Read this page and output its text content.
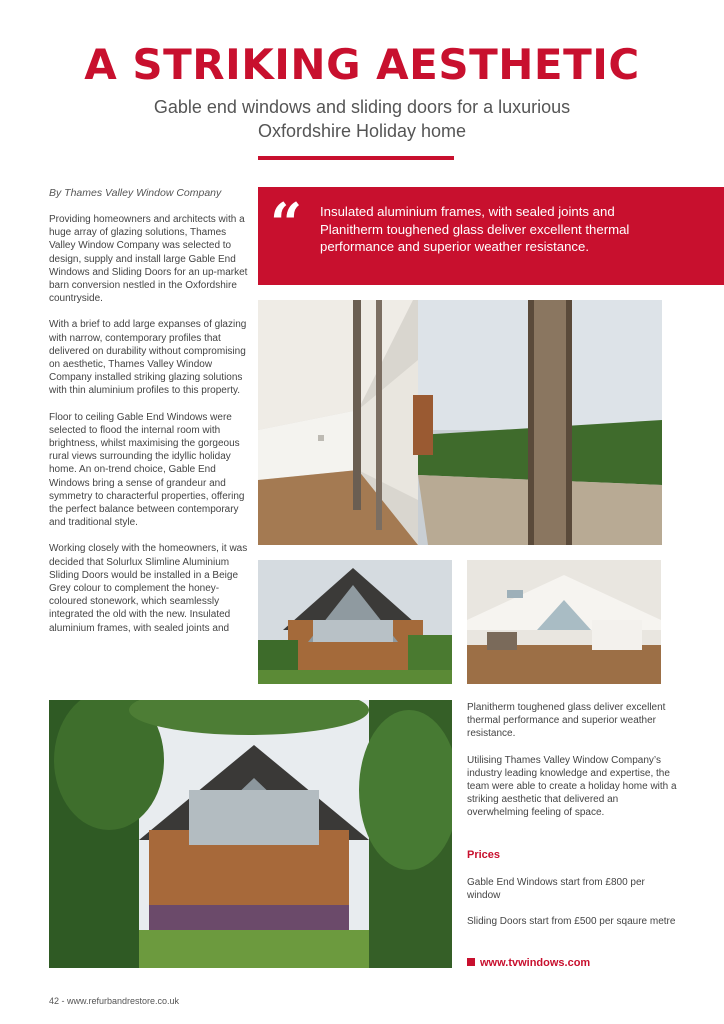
A STRIKING AESTHETIC
Gable end windows and sliding doors for a luxurious
Oxfordshire Holiday home
By Thames Valley Window Company

Providing homeowners and architects with a huge array of glazing solutions, Thames Valley Window Company was selected to design, supply and install large Gable End Windows and Sliding Doors for an up-market barn conversion nestled in the Oxfordshire countryside.

With a brief to add large expanses of glazing with narrow, contemporary profiles that delivered on durability without compromising on aesthetic, Thames Valley Window Company installed striking glazing solutions with thin aluminium profiles to this property.

Floor to ceiling Gable End Windows were selected to flood the internal room with brightness, whilst maximising the gorgeous rural views surrounding the idyllic holiday home. An on-trend choice, Gable End Windows bring a sense of grandeur and symmetry to characterful properties, offering the perfect balance between contemporary and traditional style.

Working closely with the homeowners, it was decided that Solurlux Slimline Aluminium Sliding Doors would be installed in a Beige Grey colour to complement the honey-coloured stonework, which seamlessly integrated the old with the new. Insulated aluminium frames, with sealed joints and

“ Insulated aluminium frames, with sealed joints and Planitherm toughened glass deliver excellent thermal performance and superior weather resistance.

Planitherm toughened glass deliver excellent thermal performance and superior weather resistance.

Utilising Thames Valley Window Company’s industry leading knowledge and expertise, the team were able to create a holiday home with a striking aesthetic that delivered an overwhelming feeling of space.

Prices

Gable End Windows start from £800 per window

Sliding Doors start from £500 per sqaure metre

www.tvwindows.com
42 - www.refurbandrestore.co.uk
